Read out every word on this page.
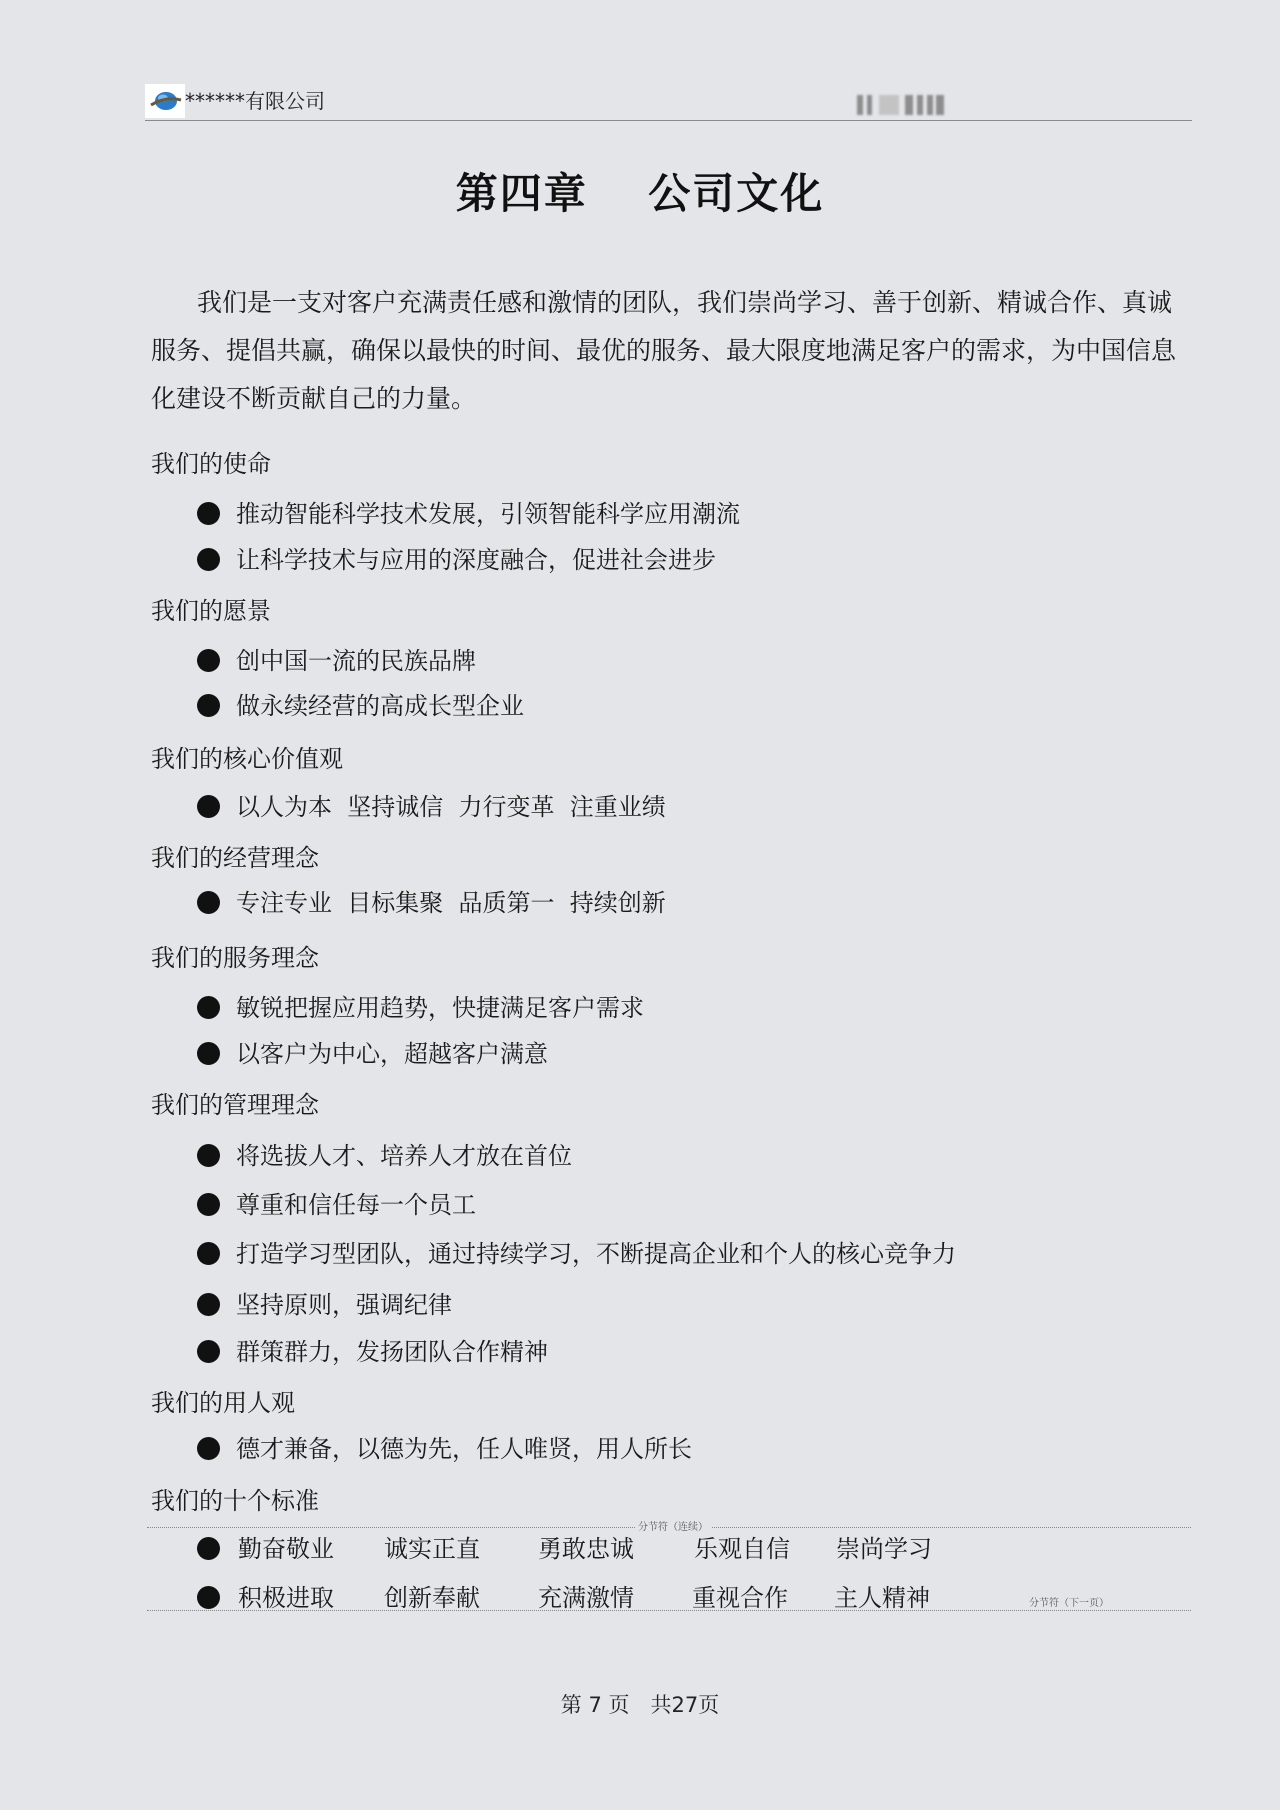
******有限公司
第四章　 公司文化
我们是一支对客户充满责任感和激情的团队，我们崇尚学习、善于创新、精诚合作、真诚服务、提倡共赢，确保以最快的时间、最优的服务、最大限度地满足客户的需求，为中国信息化建设不断贡献自己的力量。
我们的使命
推动智能科学技术发展，引领智能科学应用潮流
让科学技术与应用的深度融合，促进社会进步
我们的愿景
创中国一流的民族品牌
做永续经营的高成长型企业
我们的核心价值观
以人为本  坚持诚信  力行变革  注重业绩
我们的经营理念
专注专业  目标集聚  品质第一  持续创新
我们的服务理念
敏锐把握应用趋势，快捷满足客户需求
以客户为中心，超越客户满意
我们的管理理念
将选拔人才、培养人才放在首位
尊重和信任每一个员工
打造学习型团队，通过持续学习，不断提高企业和个人的核心竞争力
坚持原则，强调纪律
群策群力，发扬团队合作精神
我们的用人观
德才兼备，以德为先，任人唯贤，用人所长
我们的十个标准
分节符（连续）
勤奋敬业 诚实正直 勇敢忠诚	乐观自信 崇尚学习
积极进取 创新奉献 充满激情 重视合作 主人精神	分节符（下一页）
第 7 页　共27页
